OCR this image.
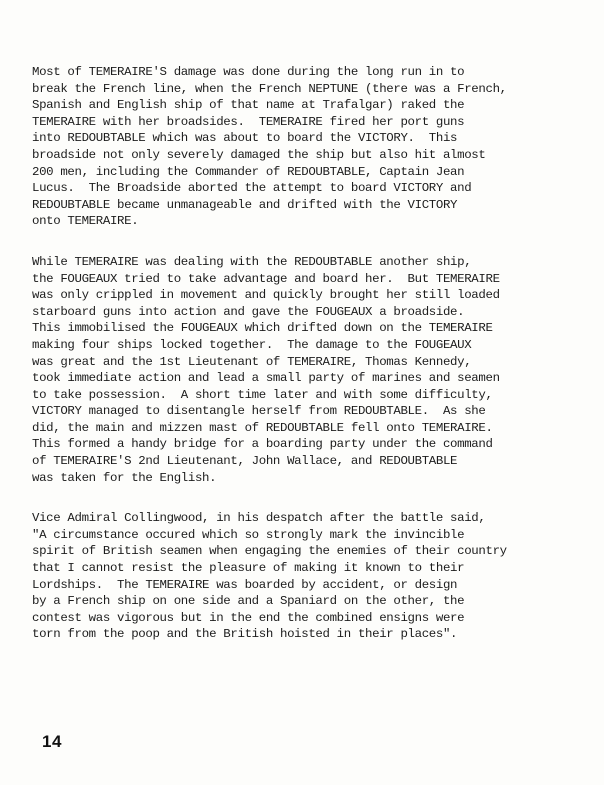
Most of TEMERAIRE'S damage was done during the long run in to
break the French line, when the French NEPTUNE (there was a French,
Spanish and English ship of that name at Trafalgar) raked the
TEMERAIRE with her broadsides.  TEMERAIRE fired her port guns
into REDOUBTABLE which was about to board the VICTORY.  This
broadside not only severely damaged the ship but also hit almost
200 men, including the Commander of REDOUBTABLE, Captain Jean
Lucus.  The Broadside aborted the attempt to board VICTORY and
REDOUBTABLE became unmanageable and drifted with the VICTORY
onto TEMERAIRE.

While TEMERAIRE was dealing with the REDOUBTABLE another ship,
the FOUGEAUX tried to take advantage and board her.  But TEMERAIRE
was only crippled in movement and quickly brought her still loaded
starboard guns into action and gave the FOUGEAUX a broadside.
This immobilised the FOUGEAUX which drifted down on the TEMERAIRE
making four ships locked together.  The damage to the FOUGEAUX
was great and the 1st Lieutenant of TEMERAIRE, Thomas Kennedy,
took immediate action and lead a small party of marines and seamen
to take possession.  A short time later and with some difficulty,
VICTORY managed to disentangle herself from REDOUBTABLE.  As she
did, the main and mizzen mast of REDOUBTABLE fell onto TEMERAIRE.
This formed a handy bridge for a boarding party under the command
of TEMERAIRE'S 2nd Lieutenant, John Wallace, and REDOUBTABLE
was taken for the English.

Vice Admiral Collingwood, in his despatch after the battle said,
"A circumstance occured which so strongly mark the invincible
spirit of British seamen when engaging the enemies of their country
that I cannot resist the pleasure of making it known to their
Lordships.  The TEMERAIRE was boarded by accident, or design
by a French ship on one side and a Spaniard on the other, the
contest was vigorous but in the end the combined ensigns were
torn from the poop and the British hoisted in their places".

14
